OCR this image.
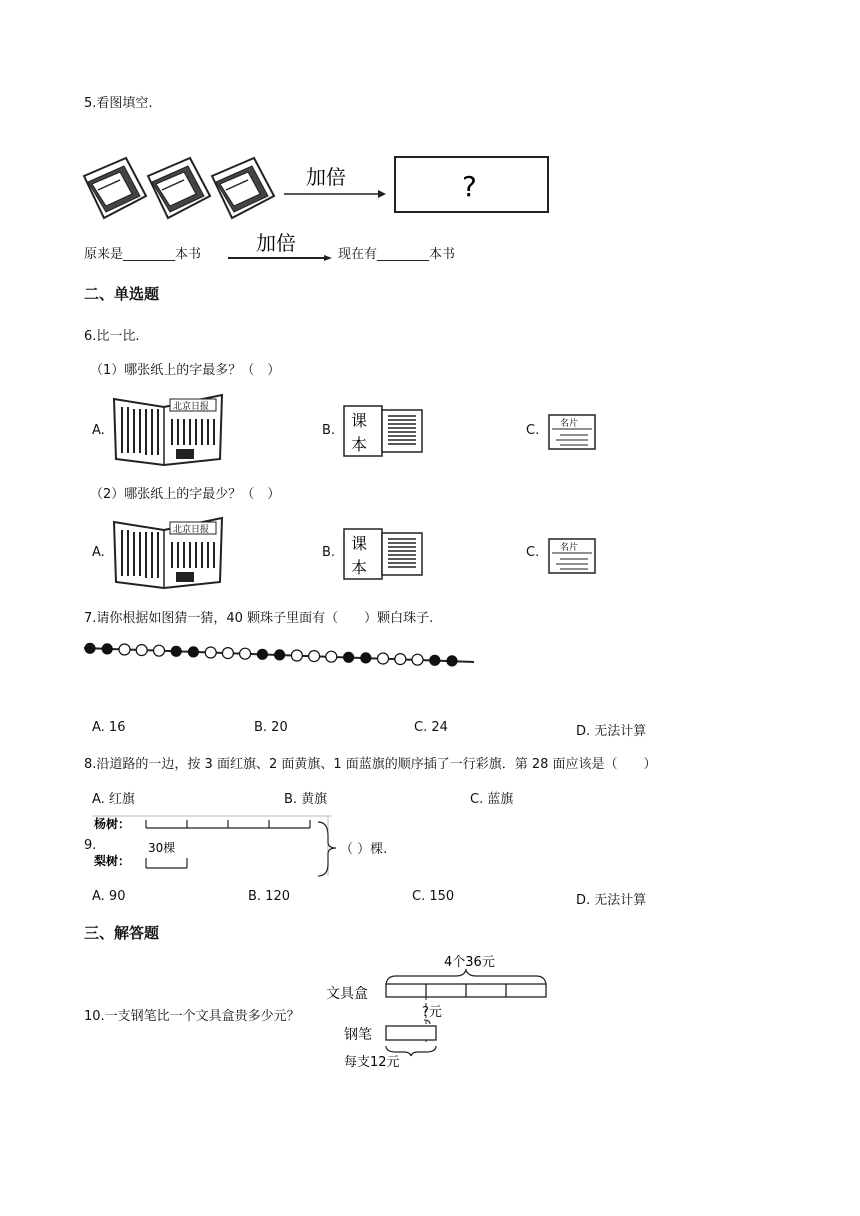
5.看图填空.
加倍	?
原来是________本书	加倍	现在有________本书
二、单选题
6.比一比.
（1）哪张纸上的字最多？（　）
A.
北京日报
B.
课
本
C. 名片
（2）哪张纸上的字最少？（　）
A.
北京日报
B. 课
本
C. 名片
7.请你根据如图猜一猜，40 颗珠子里面有（　　）颗白珠子.
A. 16	B. 20	C. 24	D. 无法计算
8.沿道路的一边，按 3 面红旗、2 面黄旗、1 面蓝旗的顺序插了一行彩旗．第 28 面应该是（　　）
A. 红旗	B. 黄旗	C. 蓝旗
9.
杨树：
30棵
梨树：
（ ）棵.
A. 90	B. 120	C. 150	D. 无法计算
三、解答题
10.一支钢笔比一个文具盒贵多少元？
4个36元
文具盒
?元
钢笔
每支12元
